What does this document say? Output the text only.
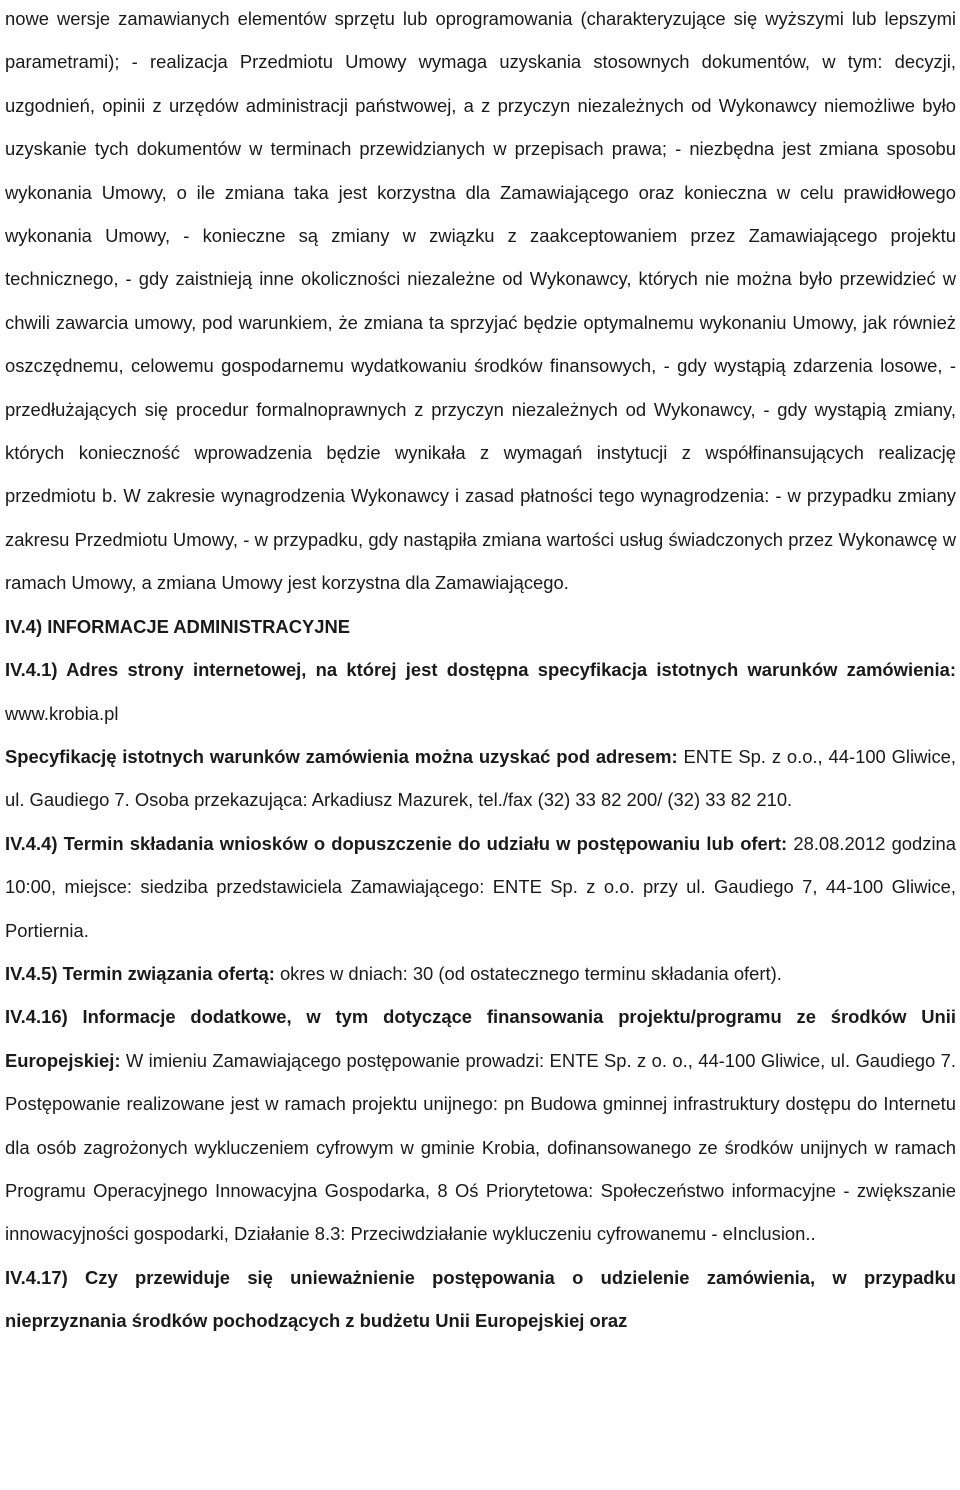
nowe wersje zamawianych elementów sprzętu lub oprogramowania (charakteryzujące się wyższymi lub lepszymi parametrami); - realizacja Przedmiotu Umowy wymaga uzyskania stosownych dokumentów, w tym: decyzji, uzgodnień, opinii z urzędów administracji państwowej, a z przyczyn niezależnych od Wykonawcy niemożliwe było uzyskanie tych dokumentów w terminach przewidzianych w przepisach prawa; - niezbędna jest zmiana sposobu wykonania Umowy, o ile zmiana taka jest korzystna dla Zamawiającego oraz konieczna w celu prawidłowego wykonania Umowy, - konieczne są zmiany w związku z zaakceptowaniem przez Zamawiającego projektu technicznego, - gdy zaistnieją inne okoliczności niezależne od Wykonawcy, których nie można było przewidzieć w chwili zawarcia umowy, pod warunkiem, że zmiana ta sprzyjać będzie optymalnemu wykonaniu Umowy, jak również oszczędnemu, celowemu gospodarnemu wydatkowaniu środków finansowych, - gdy wystąpią zdarzenia losowe, - przedłużających się procedur formalnoprawnych z przyczyn niezależnych od Wykonawcy, - gdy wystąpią zmiany, których konieczność wprowadzenia będzie wynikała z wymagań instytucji z współfinansujących realizację przedmiotu b. W zakresie wynagrodzenia Wykonawcy i zasad płatności tego wynagrodzenia: - w przypadku zmiany zakresu Przedmiotu Umowy, - w przypadku, gdy nastąpiła zmiana wartości usług świadczonych przez Wykonawcę w ramach Umowy, a zmiana Umowy jest korzystna dla Zamawiającego.

IV.4) INFORMACJE ADMINISTRACYJNE

IV.4.1) Adres strony internetowej, na której jest dostępna specyfikacja istotnych warunków zamówienia: www.krobia.pl

Specyfikację istotnych warunków zamówienia można uzyskać pod adresem: ENTE Sp. z o.o., 44-100 Gliwice, ul. Gaudiego 7. Osoba przekazująca: Arkadiusz Mazurek, tel./fax (32) 33 82 200/ (32) 33 82 210.

IV.4.4) Termin składania wniosków o dopuszczenie do udziału w postępowaniu lub ofert: 28.08.2012 godzina 10:00, miejsce: siedziba przedstawiciela Zamawiającego: ENTE Sp. z o.o. przy ul. Gaudiego 7, 44-100 Gliwice, Portiernia.

IV.4.5) Termin związania ofertą: okres w dniach: 30 (od ostatecznego terminu składania ofert).

IV.4.16) Informacje dodatkowe, w tym dotyczące finansowania projektu/programu ze środków Unii Europejskiej: W imieniu Zamawiającego postępowanie prowadzi: ENTE Sp. z o. o., 44-100 Gliwice, ul. Gaudiego 7. Postępowanie realizowane jest w ramach projektu unijnego: pn Budowa gminnej infrastruktury dostępu do Internetu dla osób zagrożonych wykluczeniem cyfrowym w gminie Krobia, dofinansowanego ze środków unijnych w ramach Programu Operacyjnego Innowacyjna Gospodarka, 8 Oś Priorytetowa: Społeczeństwo informacyjne - zwiększanie innowacyjności gospodarki, Działanie 8.3: Przeciwdziałanie wykluczeniu cyfrowanemu - eInclusion..

IV.4.17) Czy przewiduje się unieważnienie postępowania o udzielenie zamówienia, w przypadku nieprzyznania środków pochodzących z budżetu Unii Europejskiej oraz
